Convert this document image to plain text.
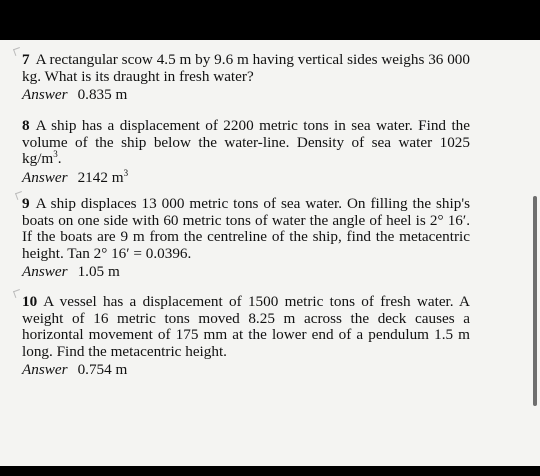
7 A rectangular scow 4.5 m by 9.6 m having vertical sides weighs 36 000 kg. What is its draught in fresh water?

Answer 0.835 m

8 A ship has a displacement of 2200 metric tons in sea water. Find the volume of the ship below the water-line. Density of sea water 1025 $kg/m^3$.

Answer 2142 $m^3$

9 A ship displaces 13 000 metric tons of sea water. On filling the ship's boats on one side with 60 metric tons of water the angle of heel is 2° 16′. If the boats are 9 m from the centreline of the ship, find the metacentric height. Tan 2° 16′ = 0.0396.

Answer 1.05 m

10 A vessel has a displacement of 1500 metric tons of fresh water. A weight of 16 metric tons moved 8.25 m across the deck causes a horizontal movement of 175 mm at the lower end of a pendulum 1.5 m long. Find the metacentric height.

Answer 0.754 m
